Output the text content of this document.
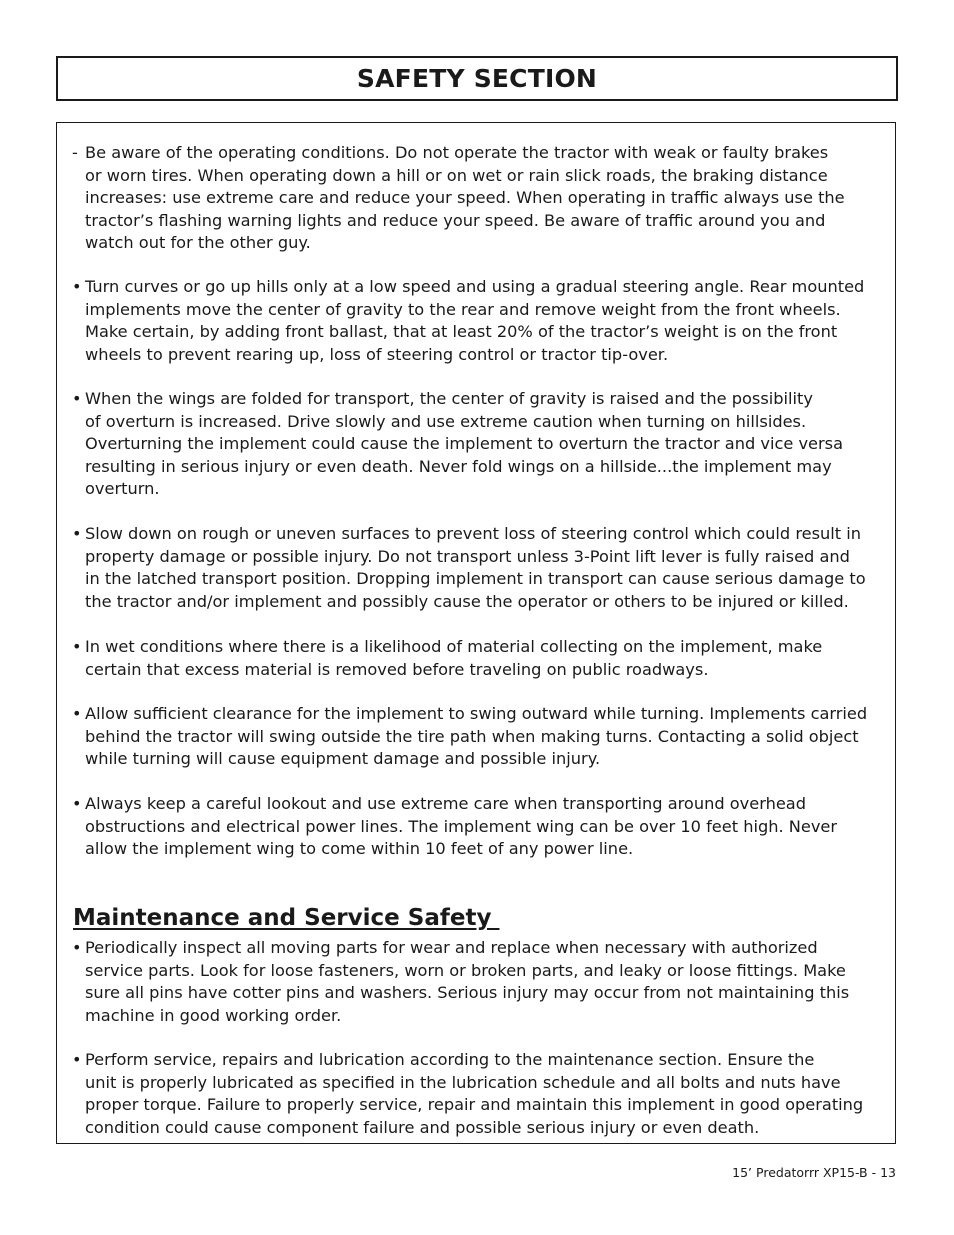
SAFETY SECTION
- Be aware of the operating conditions. Do not operate the tractor with weak or faulty brakes
or worn tires. When operating down a hill or on wet or rain slick roads, the braking distance
increases: use extreme care and reduce your speed. When operating in traffic always use the
tractor’s flashing warning lights and reduce your speed. Be aware of traffic around you and
watch out for the other guy.
• Turn curves or go up hills only at a low speed and using a gradual steering angle. Rear mounted
implements move the center of gravity to the rear and remove weight from the front wheels.
Make certain, by adding front ballast, that at least 20% of the tractor’s weight is on the front
wheels to prevent rearing up, loss of steering control or tractor tip-over.
• When the wings are folded for transport, the center of gravity is raised and the possibility
of overturn is increased. Drive slowly and use extreme caution when turning on hillsides.
Overturning the implement could cause the implement to overturn the tractor and vice versa
resulting in serious injury or even death. Never fold wings on a hillside...the implement may
overturn.
• Slow down on rough or uneven surfaces to prevent loss of steering control which could result in
property damage or possible injury. Do not transport unless 3-Point lift lever is fully raised and
in the latched transport position. Dropping implement in transport can cause serious damage to
the tractor and/or implement and possibly cause the operator or others to be injured or killed.
• In wet conditions where there is a likelihood of material collecting on the implement, make
certain that excess material is removed before traveling on public roadways.
• Allow sufficient clearance for the implement to swing outward while turning. Implements carried
behind the tractor will swing outside the tire path when making turns. Contacting a solid object
while turning will cause equipment damage and possible injury.
• Always keep a careful lookout and use extreme care when transporting around overhead
obstructions and electrical power lines. The implement wing can be over 10 feet high. Never
allow the implement wing to come within 10 feet of any power line.
Maintenance and Service Safety
• Periodically inspect all moving parts for wear and replace when necessary with authorized
service parts. Look for loose fasteners, worn or broken parts, and leaky or loose fittings. Make
sure all pins have cotter pins and washers. Serious injury may occur from not maintaining this
machine in good working order.
• Perform service, repairs and lubrication according to the maintenance section. Ensure the
unit is properly lubricated as specified in the lubrication schedule and all bolts and nuts have
proper torque. Failure to properly service, repair and maintain this implement in good operating
condition could cause component failure and possible serious injury or even death.
15’ Predatorrr XP15-B - 13
